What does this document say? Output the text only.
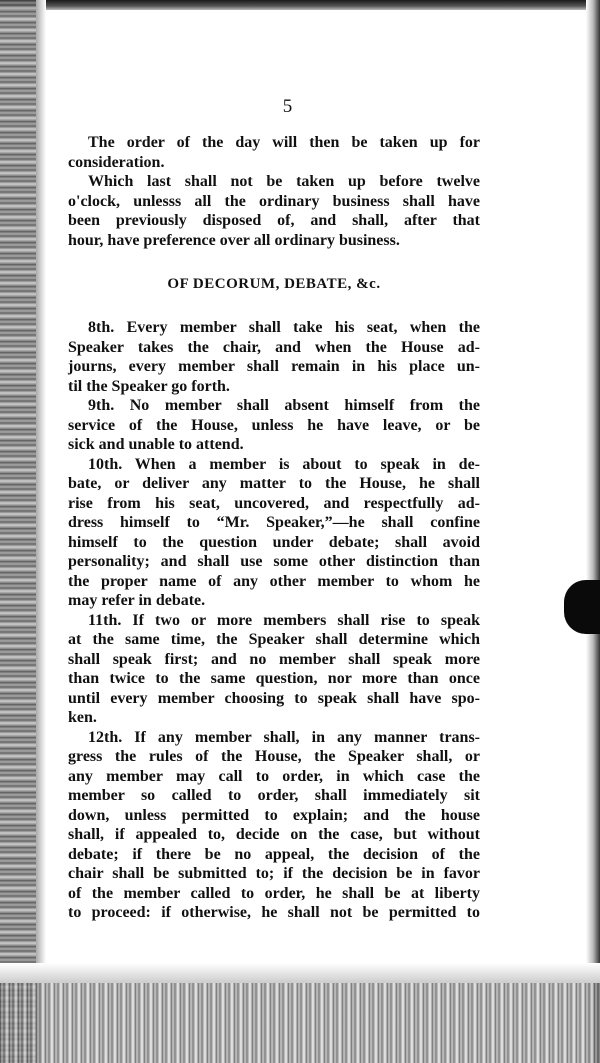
5
The order of the day will then be taken up for
consideration.
Which last shall not be taken up before twelve
o'clock, unlesss all the ordinary business shall have
been previously disposed of, and shall, after that
hour, have preference over all ordinary business.
OF DECORUM, DEBATE, &c.
8th. Every member shall take his seat, when the
Speaker takes the chair, and when the House ad-
journs, every member shall remain in his place un-
til the Speaker go forth.
9th. No member shall absent himself from the
service of the House, unless he have leave, or be
sick and unable to attend.
10th. When a member is about to speak in de-
bate, or deliver any matter to the House, he shall
rise from his seat, uncovered, and respectfully ad-
dress himself to “Mr. Speaker,”—he shall confine
himself to the question under debate; shall avoid
personality; and shall use some other distinction than
the proper name of any other member to whom he
may refer in debate.
11th. If two or more members shall rise to speak
at the same time, the Speaker shall determine which
shall speak first; and no member shall speak more
than twice to the same question, nor more than once
until every member choosing to speak shall have spo-
ken.
12th. If any member shall, in any manner trans-
gress the rules of the House, the Speaker shall, or
any member may call to order, in which case the
member so called to order, shall immediately sit
down, unless permitted to explain; and the house
shall, if appealed to, decide on the case, but without
debate; if there be no appeal, the decision of the
chair shall be submitted to; if the decision be in favor
of the member called to order, he shall be at liberty
to proceed: if otherwise, he shall not be permitted to
